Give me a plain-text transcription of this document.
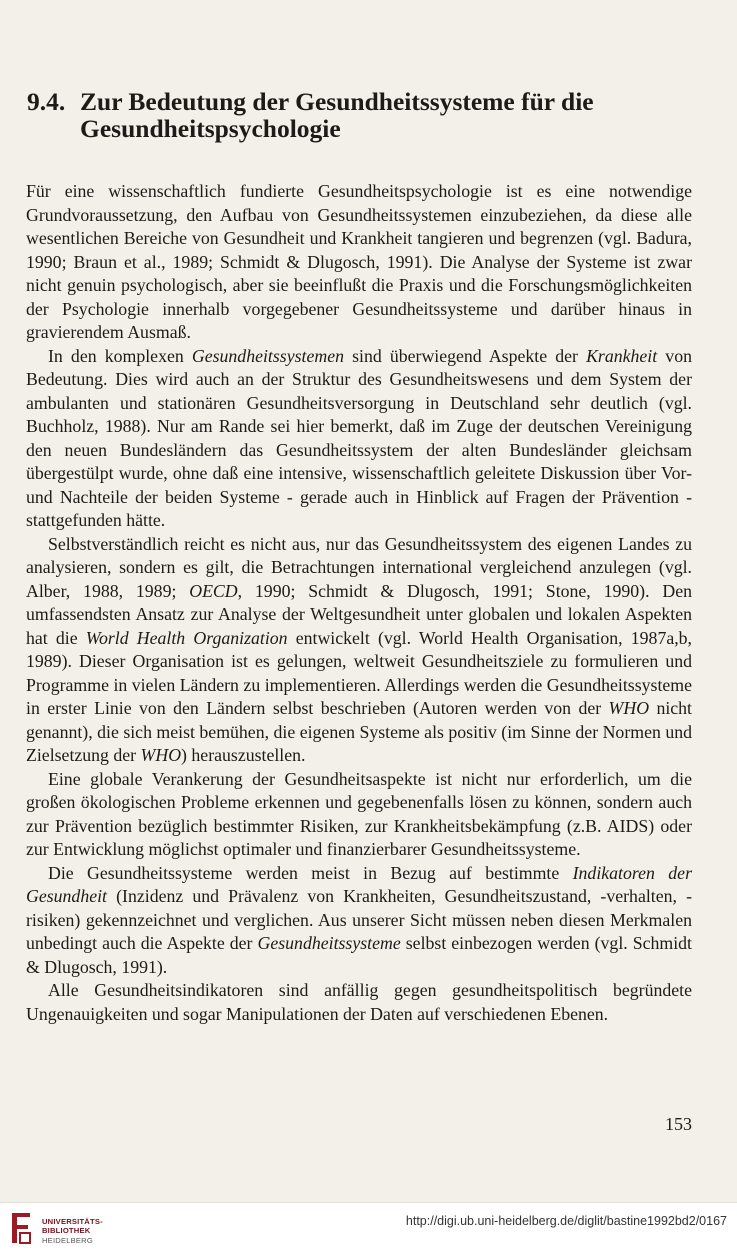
9.4. Zur Bedeutung der Gesundheitssysteme für die
Gesundheitspsychologie

Für eine wissenschaftlich fundierte Gesundheitspsychologie ist es eine notwendige Grundvoraussetzung, den Aufbau von Gesundheitssystemen einzubeziehen, da diese alle wesentlichen Bereiche von Gesundheit und Krankheit tangieren und begrenzen (vgl. Badura, 1990; Braun et al., 1989; Schmidt & Dlugosch, 1991). Die Analyse der Systeme ist zwar nicht genuin psychologisch, aber sie beeinflußt die Praxis und die Forschungsmöglichkeiten der Psychologie innerhalb vorgegebener Gesundheitssysteme und darüber hinaus in gravierendem Ausmaß.

In den komplexen Gesundheitssystemen sind überwiegend Aspekte der Krankheit von Bedeutung. Dies wird auch an der Struktur des Gesundheitswesens und dem System der ambulanten und stationären Gesundheitsversorgung in Deutschland sehr deutlich (vgl. Buchholz, 1988). Nur am Rande sei hier bemerkt, daß im Zuge der deutschen Vereinigung den neuen Bundesländern das Gesundheitssystem der alten Bundesländer gleichsam übergestülpt wurde, ohne daß eine intensive, wissenschaftlich geleitete Diskussion über Vor- und Nachteile der beiden Systeme - gerade auch in Hinblick auf Fragen der Prävention - stattgefunden hätte.

Selbstverständlich reicht es nicht aus, nur das Gesundheitssystem des eigenen Landes zu analysieren, sondern es gilt, die Betrachtungen international vergleichend anzulegen (vgl. Alber, 1988, 1989; OECD, 1990; Schmidt & Dlugosch, 1991; Stone, 1990). Den umfassendsten Ansatz zur Analyse der Weltgesundheit unter globalen und lokalen Aspekten hat die World Health Organization entwickelt (vgl. World Health Organisation, 1987a,b, 1989). Dieser Organisation ist es gelungen, weltweit Gesundheitsziele zu formulieren und Programme in vielen Ländern zu implementieren. Allerdings werden die Gesundheitssysteme in erster Linie von den Ländern selbst beschrieben (Autoren werden von der WHO nicht genannt), die sich meist bemühen, die eigenen Systeme als positiv (im Sinne der Normen und Zielsetzung der WHO) herauszustellen.

Eine globale Verankerung der Gesundheitsaspekte ist nicht nur erforderlich, um die großen ökologischen Probleme erkennen und gegebenenfalls lösen zu können, sondern auch zur Prävention bezüglich bestimmter Risiken, zur Krankheitsbekämpfung (z.B. AIDS) oder zur Entwicklung möglichst optimaler und finanzierbarer Gesundheitssysteme.

Die Gesundheitssysteme werden meist in Bezug auf bestimmte Indikatoren der Gesundheit (Inzidenz und Prävalenz von Krankheiten, Gesundheitszustand, -verhalten, -risiken) gekennzeichnet und verglichen. Aus unserer Sicht müssen neben diesen Merkmalen unbedingt auch die Aspekte der Gesundheitssysteme selbst einbezogen werden (vgl. Schmidt & Dlugosch, 1991).

Alle Gesundheitsindikatoren sind anfällig gegen gesundheitspolitisch begründete Ungenauigkeiten und sogar Manipulationen der Daten auf verschiedenen Ebenen.

153
UNIVERSITÄTS-
BIBLIOTHEK
HEIDELBERG
http://digi.ub.uni-heidelberg.de/diglit/bastine1992bd2/0167
